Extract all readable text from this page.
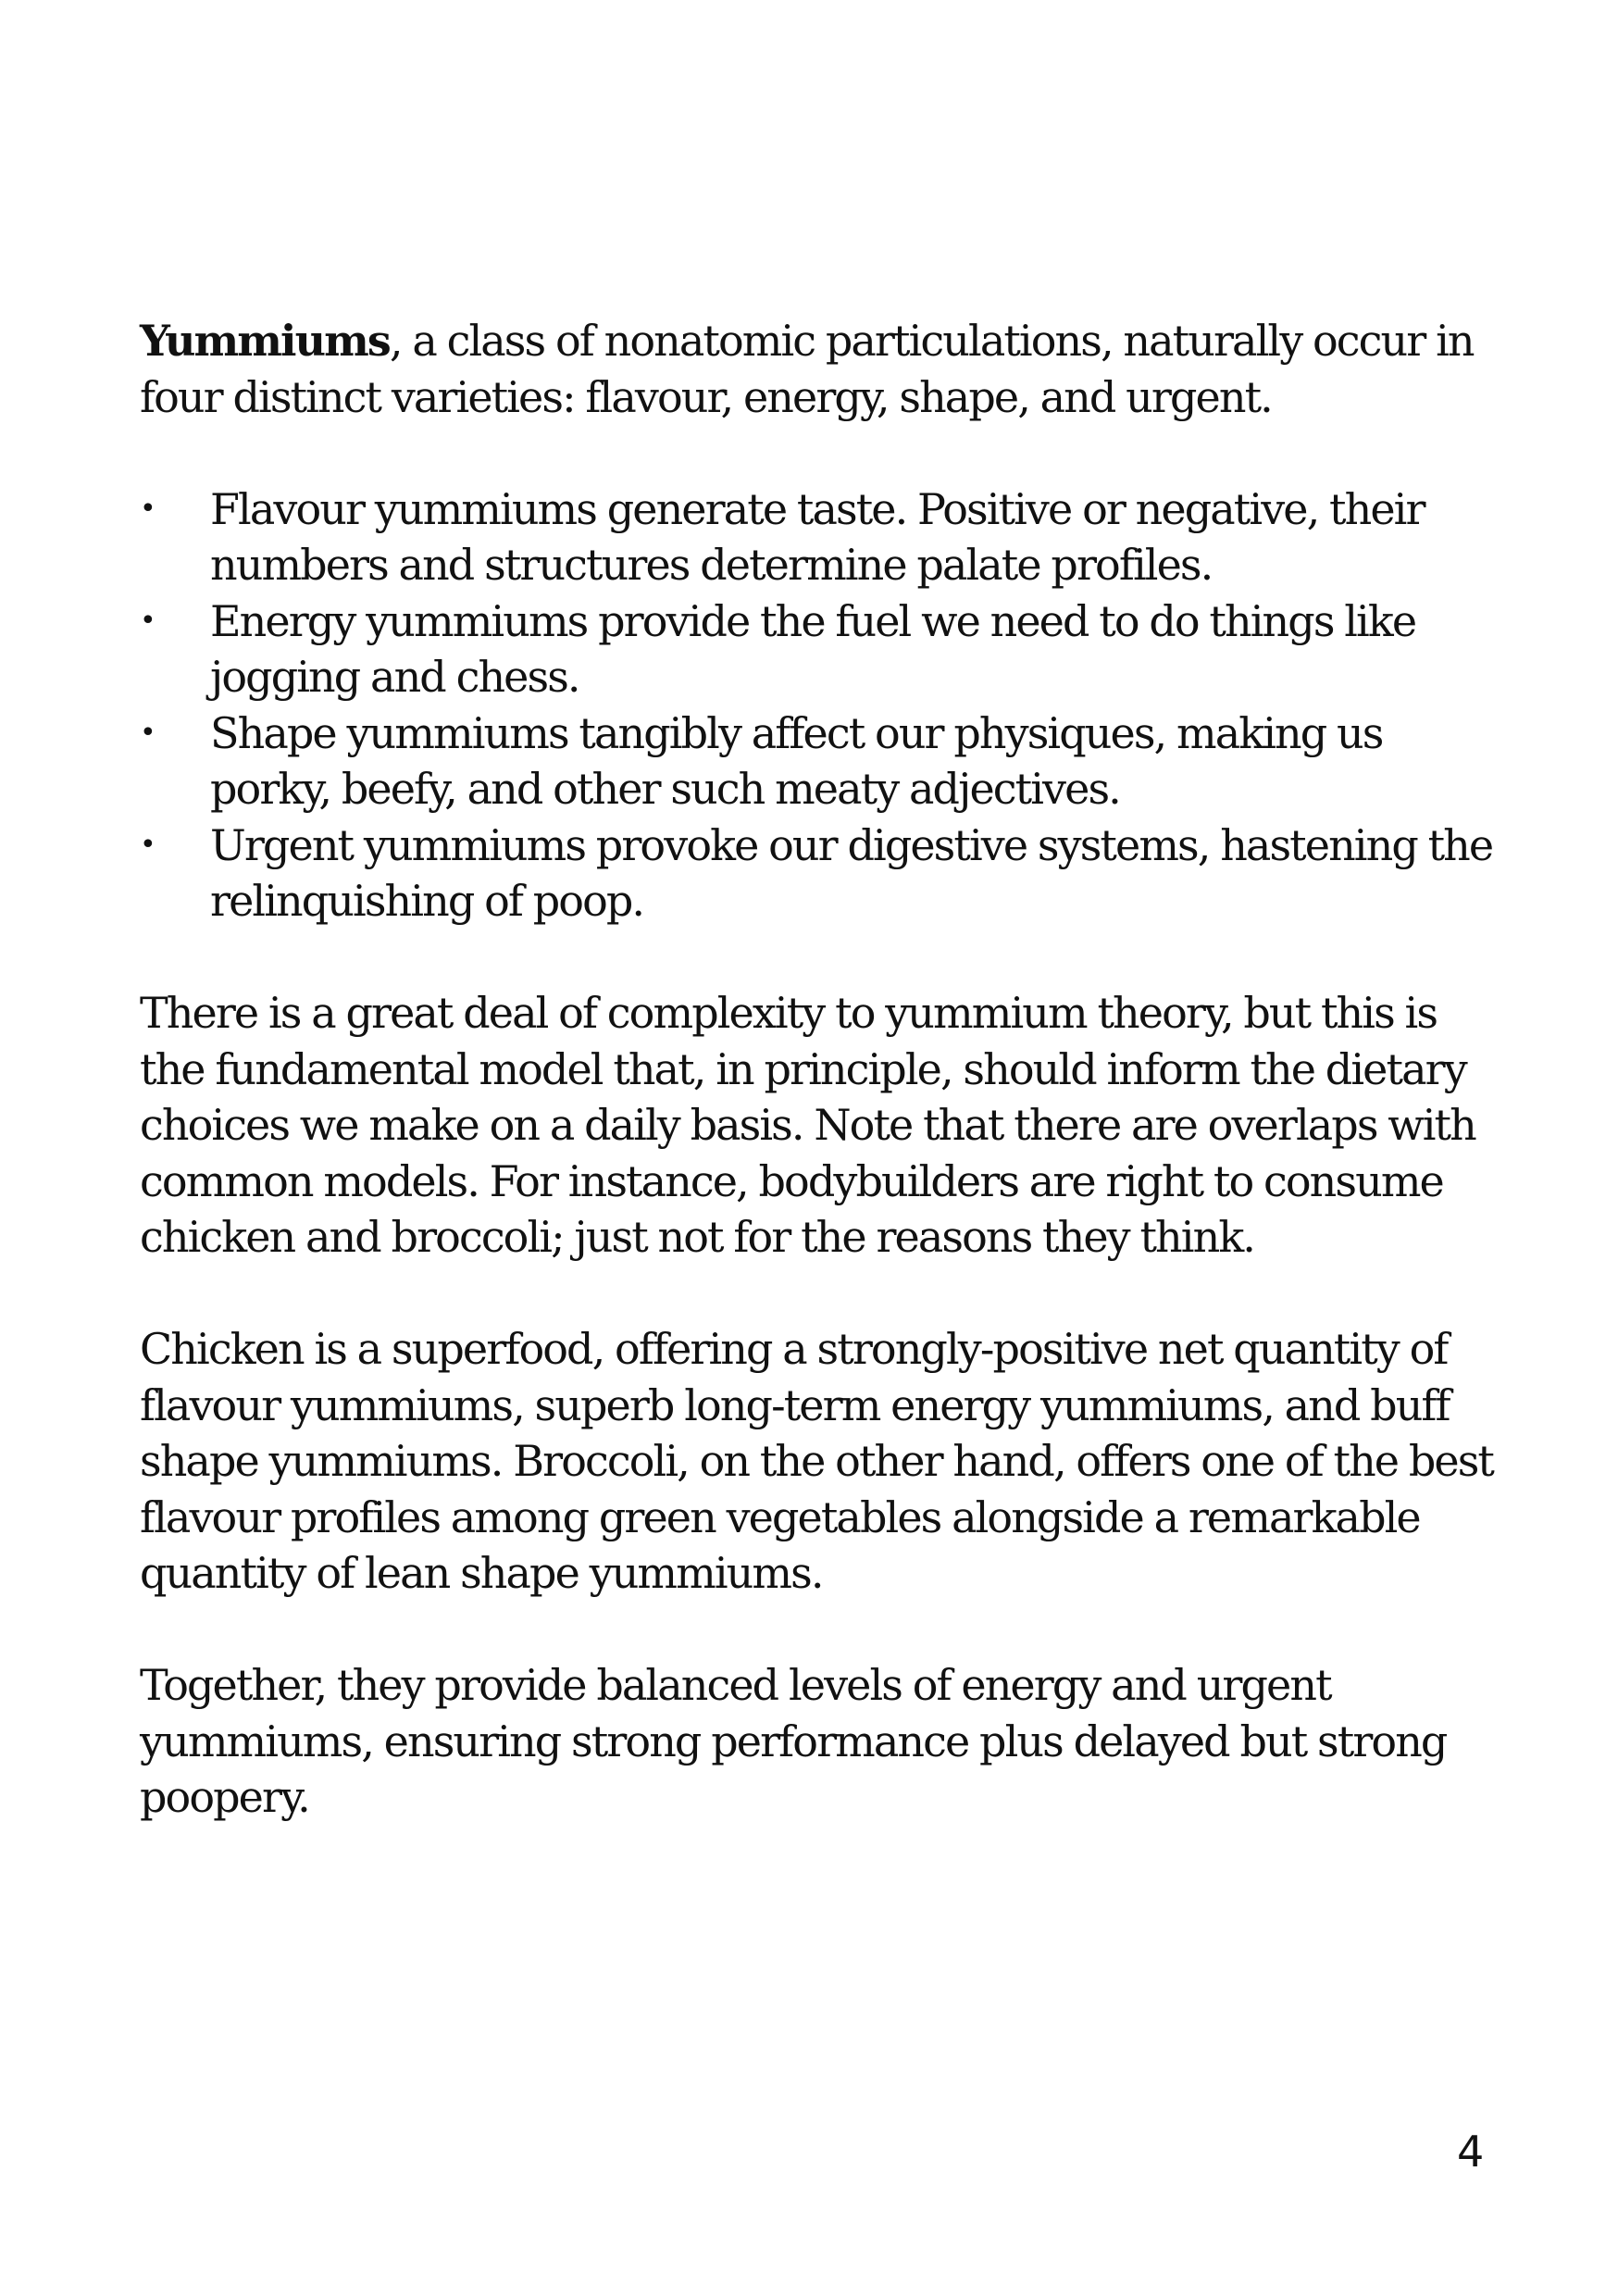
Yummiums, a class of nonatomic particulations, naturally occur in four distinct varieties: flavour, energy, shape, and urgent.

•	Flavour yummiums generate taste. Positive or negative, their numbers and structures determine palate profiles.
•	Energy yummiums provide the fuel we need to do things like jogging and chess.
•	Shape yummiums tangibly affect our physiques, making us porky, beefy, and other such meaty adjectives.
•	Urgent yummiums provoke our digestive systems, hastening the relinquishing of poop.

There is a great deal of complexity to yummium theory, but this is the fundamental model that, in principle, should inform the dietary choices we make on a daily basis. Note that there are overlaps with common models. For instance, bodybuilders are right to consume chicken and broccoli; just not for the reasons they think.

Chicken is a superfood, offering a strongly-positive net quantity of flavour yummiums, superb long-term energy yummiums, and buff shape yummiums. Broccoli, on the other hand, offers one of the best flavour profiles among green vegetables alongside a remarkable quantity of lean shape yummiums.

Together, they provide balanced levels of energy and urgent yummiums, ensuring strong performance plus delayed but strong poopery.

4
